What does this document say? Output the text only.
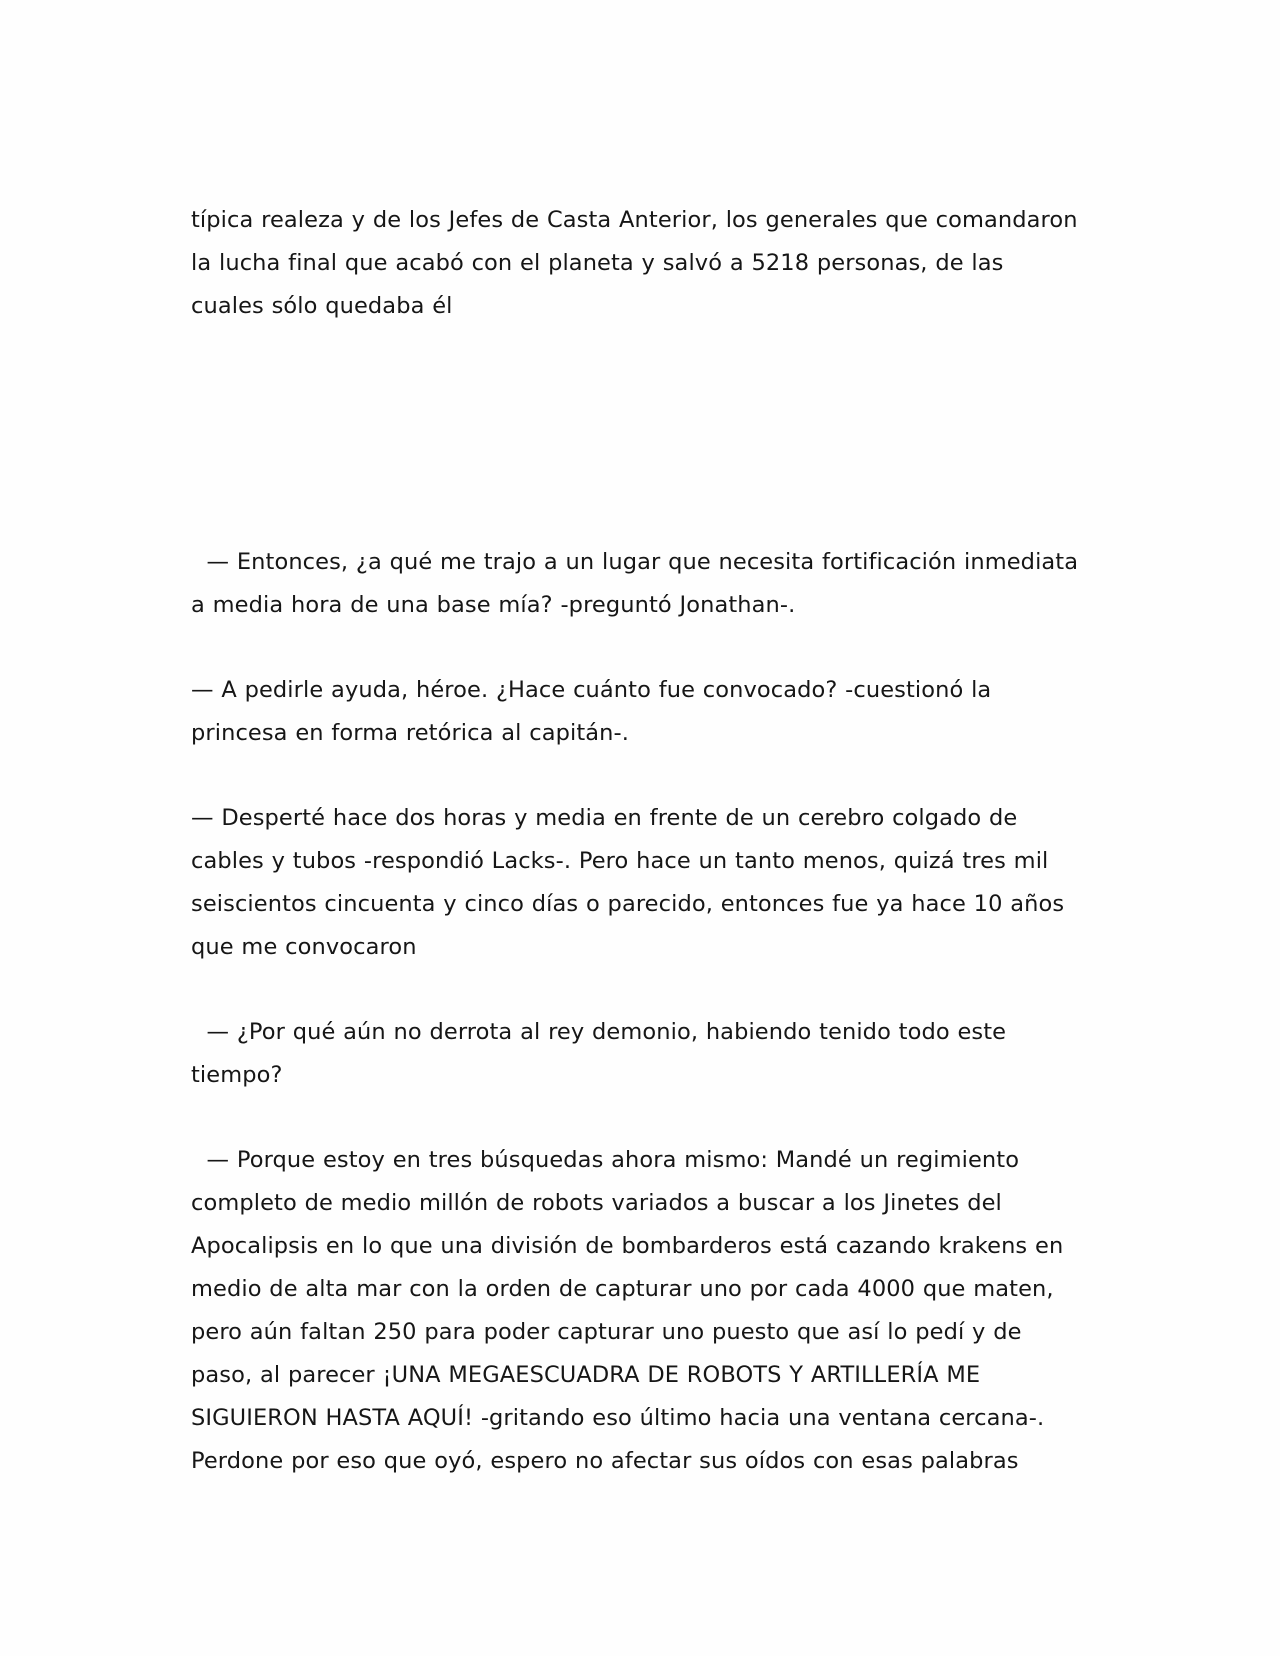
típica realeza y de los Jefes de Casta Anterior, los generales que comandaron
la lucha final que acabó con el planeta y salvó a 5218 personas, de las
cuales sólo quedaba él

— Entonces, ¿a qué me trajo a un lugar que necesita fortificación inmediata
a media hora de una base mía? -preguntó Jonathan-.

— A pedirle ayuda, héroe. ¿Hace cuánto fue convocado? -cuestionó la
princesa en forma retórica al capitán-.

— Desperté hace dos horas y media en frente de un cerebro colgado de
cables y tubos -respondió Lacks-. Pero hace un tanto menos, quizá tres mil
seiscientos cincuenta y cinco días o parecido, entonces fue ya hace 10 años
que me convocaron

— ¿Por qué aún no derrota al rey demonio, habiendo tenido todo este
tiempo?

— Porque estoy en tres búsquedas ahora mismo: Mandé un regimiento
completo de medio millón de robots variados a buscar a los Jinetes del
Apocalipsis en lo que una división de bombarderos está cazando krakens en
medio de alta mar con la orden de capturar uno por cada 4000 que maten,
pero aún faltan 250 para poder capturar uno puesto que así lo pedí y de
paso, al parecer ¡UNA MEGAESCUADRA DE ROBOTS Y ARTILLERÍA ME
SIGUIERON HASTA AQUÍ! -gritando eso último hacia una ventana cercana-.
Perdone por eso que oyó, espero no afectar sus oídos con esas palabras
